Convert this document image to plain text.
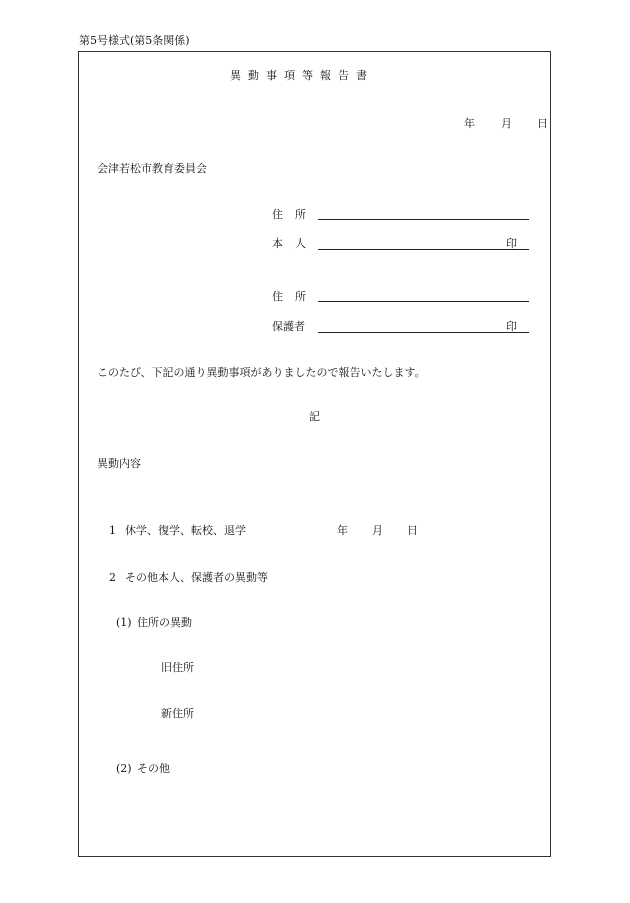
第5号様式(第5条関係)
異動事項等報告書
年 月 日
会津若松市教育委員会
住所
本人	印
住所
保護者	印
このたび、下記の通り異動事項がありましたので報告いたします。
記
異動内容
1 休学、復学、転校、退学	年 月 日
2 その他本人、保護者の異動等
(1) 住所の異動
旧住所
新住所
(2) その他
